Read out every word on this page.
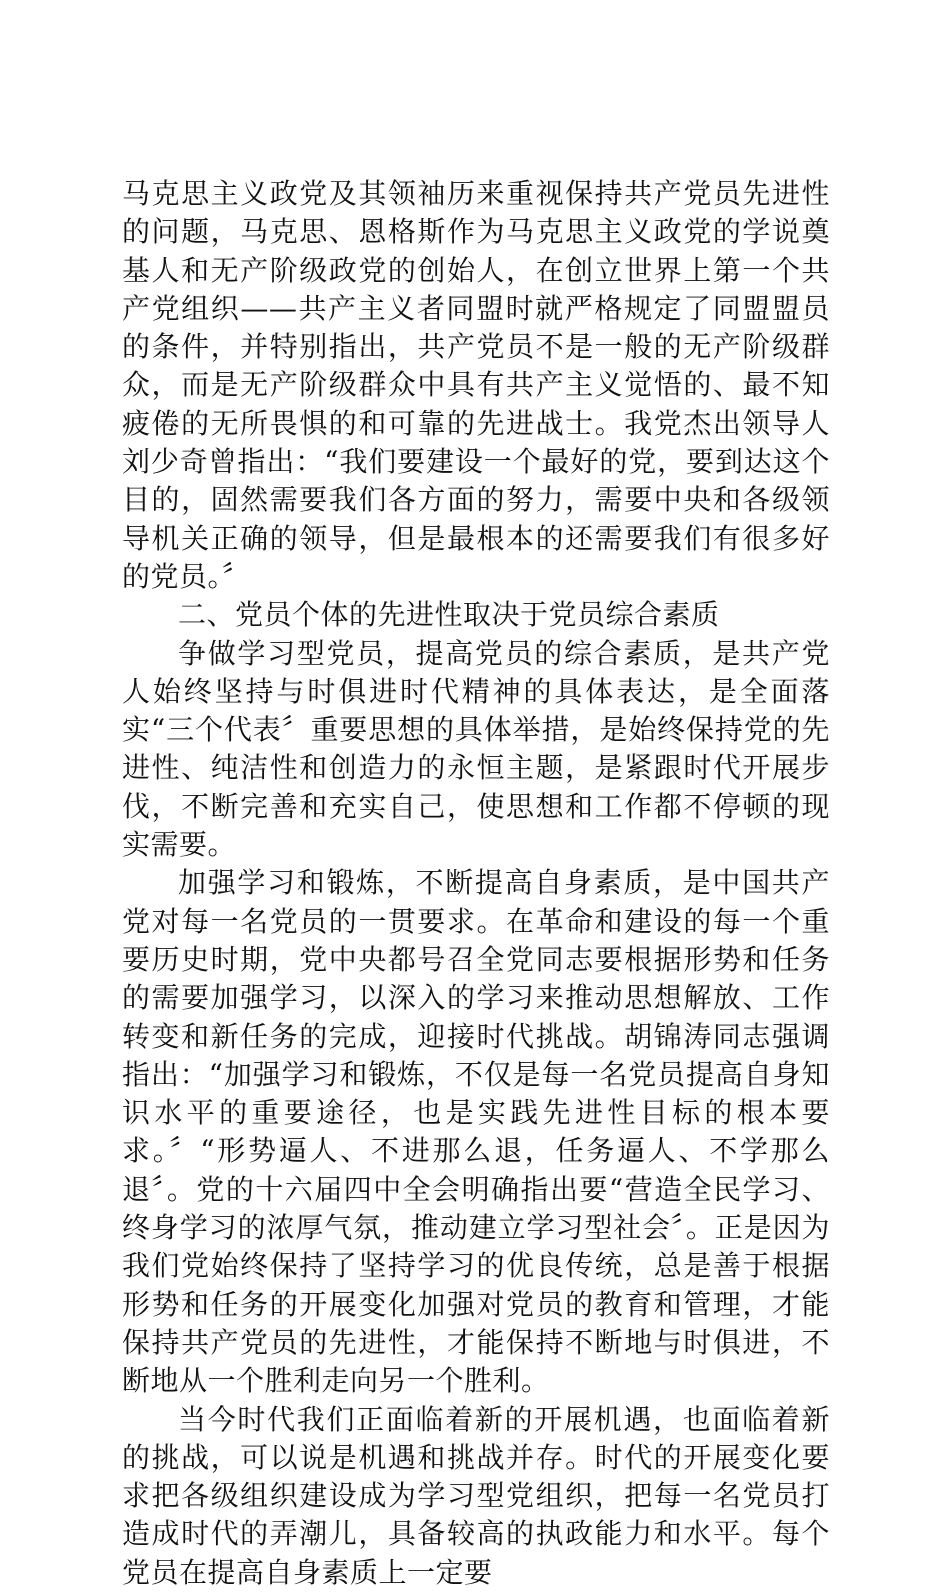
马克思主义政党及其领袖历来重视保持共产党员先进性的问题，马克思、恩格斯作为马克思主义政党的学说奠基人和无产阶级政党的创始人，在创立世界上第一个共产党组织——共产主义者同盟时就严格规定了同盟盟员的条件，并特别指出，共产党员不是一般的无产阶级群众，而是无产阶级群众中具有共产主义觉悟的、最不知疲倦的无所畏惧的和可靠的先进战士。我党杰出领导人刘少奇曾指出：“我们要建设一个最好的党，要到达这个目的，固然需要我们各方面的努力，需要中央和各级领导机关正确的领导，但是最根本的还需要我们有很多好的党员。〞

二、党员个体的先进性取决于党员综合素质

争做学习型党员，提高党员的综合素质，是共产党人始终坚持与时俱进时代精神的具体表达，是全面落实“三个代表〞重要思想的具体举措，是始终保持党的先进性、纯洁性和创造力的永恒主题，是紧跟时代开展步伐，不断完善和充实自己，使思想和工作都不停顿的现实需要。

加强学习和锻炼，不断提高自身素质，是中国共产党对每一名党员的一贯要求。在革命和建设的每一个重要历史时期，党中央都号召全党同志要根据形势和任务的需要加强学习，以深入的学习来推动思想解放、工作转变和新任务的完成，迎接时代挑战。胡锦涛同志强调指出：“加强学习和锻炼，不仅是每一名党员提高自身知识水平的重要途径，也是实践先进性目标的根本要求。〞“形势逼人、不进那么退，任务逼人、不学那么退〞。党的十六届四中全会明确指出要“营造全民学习、终身学习的浓厚气氛，推动建立学习型社会〞。正是因为我们党始终保持了坚持学习的优良传统，总是善于根据形势和任务的开展变化加强对党员的教育和管理，才能保持共产党员的先进性，才能保持不断地与时俱进，不断地从一个胜利走向另一个胜利。

当今时代我们正面临着新的开展机遇，也面临着新的挑战，可以说是机遇和挑战并存。时代的开展变化要求把各级组织建设成为学习型党组织，把每一名党员打造成时代的弄潮儿，具备较高的执政能力和水平。每个党员在提高自身素质上一定要
